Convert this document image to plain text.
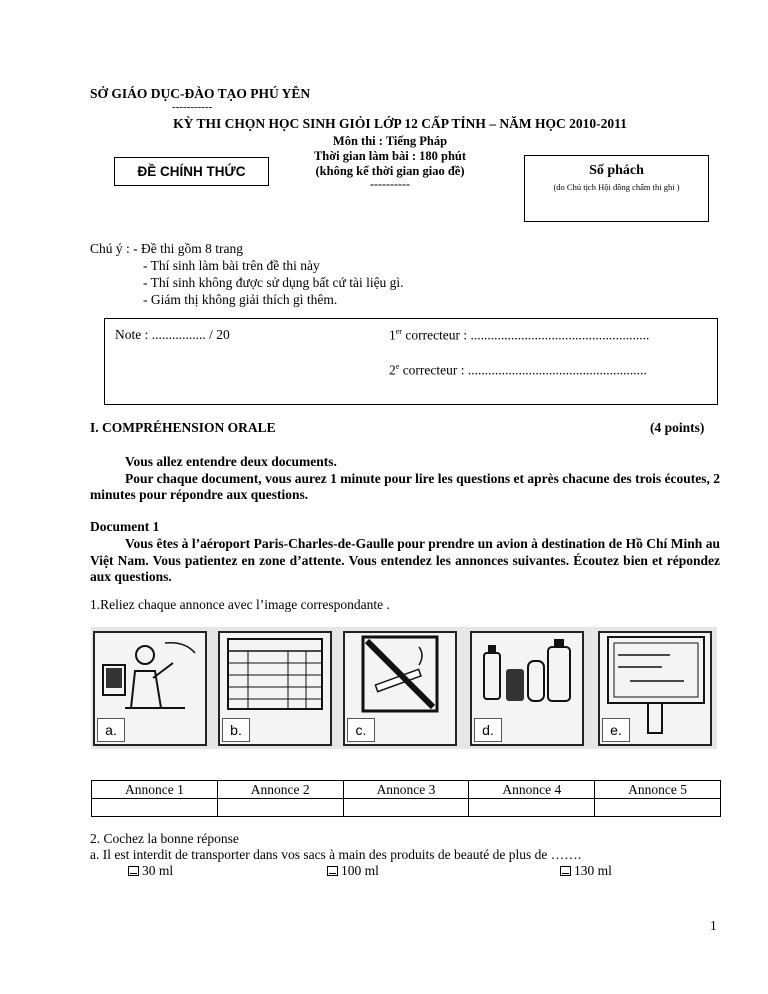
SỞ GIÁO DỤC-ĐÀO TẠO PHÚ YÊN
-----------
KỲ THI CHỌN HỌC SINH GIỎI LỚP 12 CẤP TỈNH – NĂM HỌC 2010-2011
Môn thi : Tiếng Pháp
Thời gian làm bài : 180 phút
(không kể thời gian giao đề)
----------
ĐỀ CHÍNH THỨC	Số phách
(do Chủ tịch Hội đồng chấm thi ghi )
Chú ý : - Đề thi gồm 8 trang
- Thí sinh làm bài trên đề thi này
- Thí sinh không được sử dụng bất cứ tài liệu gì.
- Giám thị không giải thích gì thêm.
Note : ................ / 20	1er correcteur : .....................................................
2e correcteur : .....................................................
I. COMPRÉHENSION ORALE	(4 points)

Vous allez entendre deux documents.

Pour chaque document, vous aurez 1 minute pour lire les questions et après chacune des trois écoutes, 2 minutes pour répondre aux questions.

Document 1

Vous êtes à l’aéroport Paris-Charles-de-Gaulle pour prendre un avion à destination de Hồ Chí Minh au Việt Nam. Vous patientez en zone d’attente. Vous entendez les annonces suivantes. Écoutez bien et répondez aux questions.

1.Reliez chaque annonce avec l’image correspondante .
a.	b.	c.	d.	e.
Annonce 1	Annonce 2	Annonce 3	Annonce 4	Annonce 5

2. Cochez la bonne réponse
a. Il est interdit de transporter dans vos sacs à main des produits de beauté de plus de …….
30 ml	100 ml	130 ml
1
